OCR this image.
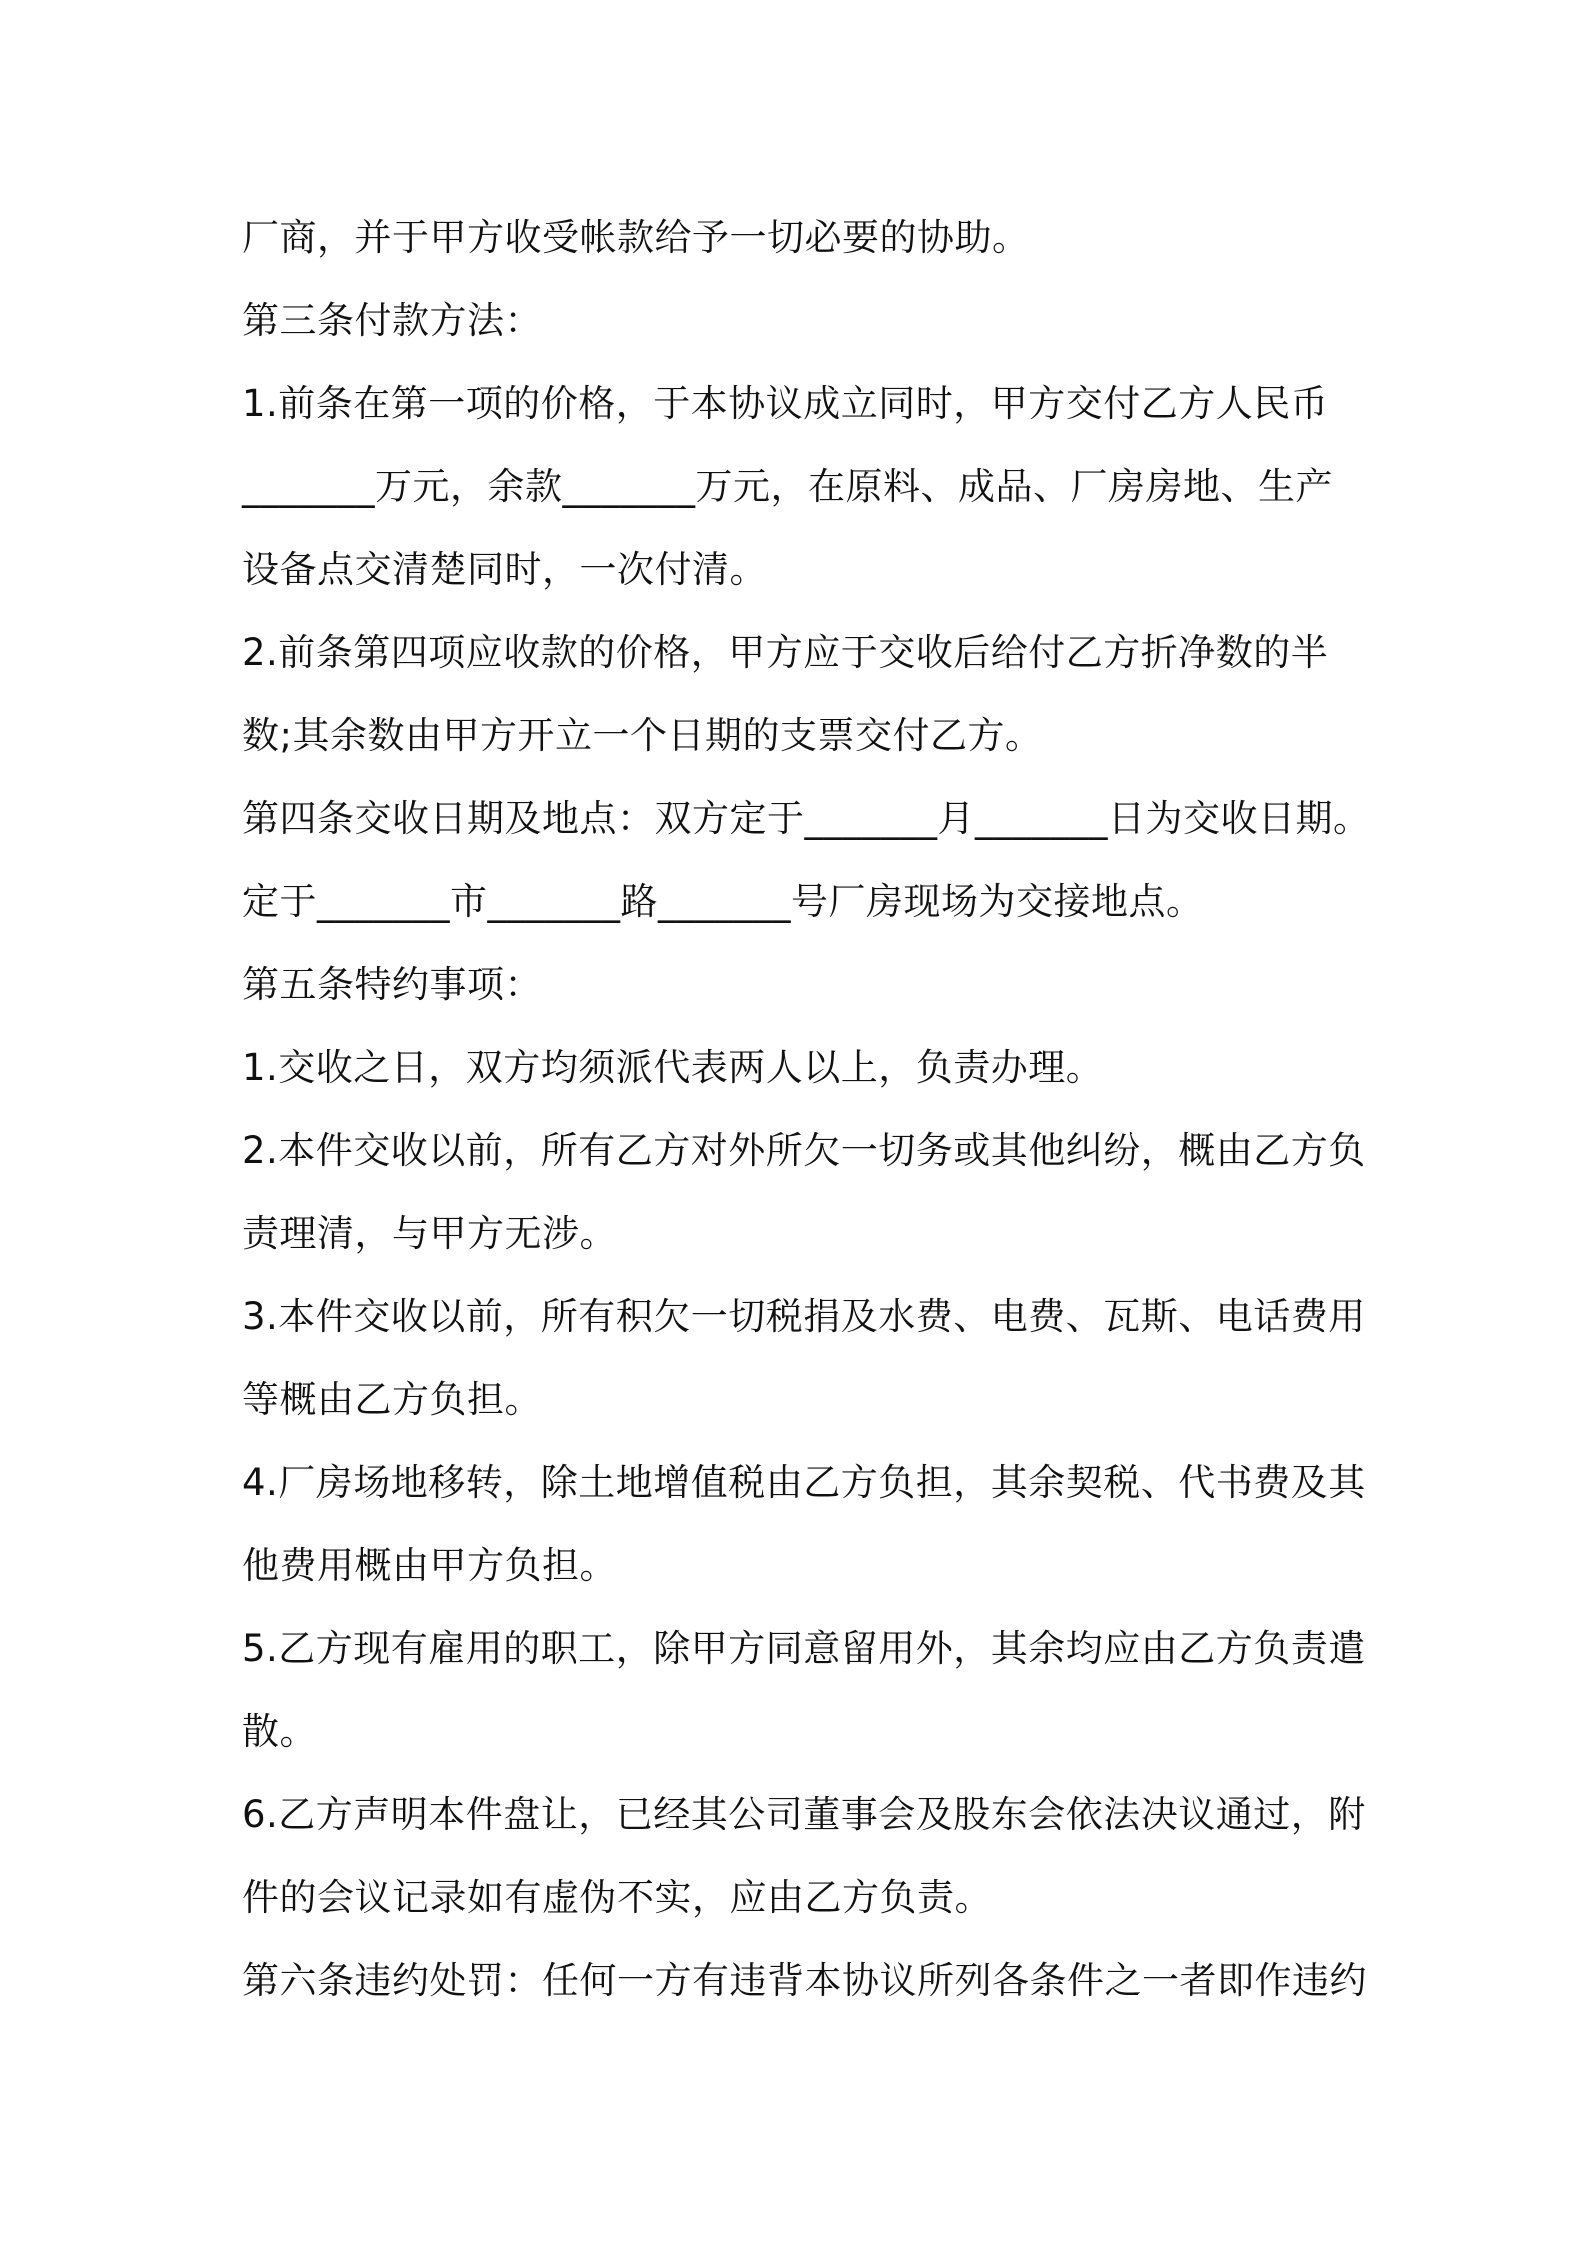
厂商，并于甲方收受帐款给予一切必要的协助。

第三条付款方法：

1.前条在第一项的价格，于本协议成立同时，甲方交付乙方人民币

_______万元，余款_______万元，在原料、成品、厂房房地、生产

设备点交清楚同时，一次付清。

2.前条第四项应收款的价格，甲方应于交收后给付乙方折净数的半

数;其余数由甲方开立一个日期的支票交付乙方。

第四条交收日期及地点：双方定于_______月_______日为交收日期。

定于_______市_______路_______号厂房现场为交接地点。

第五条特约事项：

1.交收之日，双方均须派代表两人以上，负责办理。

2.本件交收以前，所有乙方对外所欠一切务或其他纠纷，概由乙方负

责理清，与甲方无涉。

3.本件交收以前，所有积欠一切税捐及水费、电费、瓦斯、电话费用

等概由乙方负担。

4.厂房场地移转，除土地增值税由乙方负担，其余契税、代书费及其

他费用概由甲方负担。

5.乙方现有雇用的职工，除甲方同意留用外，其余均应由乙方负责遣

散。

6.乙方声明本件盘让，已经其公司董事会及股东会依法决议通过，附

件的会议记录如有虚伪不实，应由乙方负责。

第六条违约处罚：任何一方有违背本协议所列各条件之一者即作违约
